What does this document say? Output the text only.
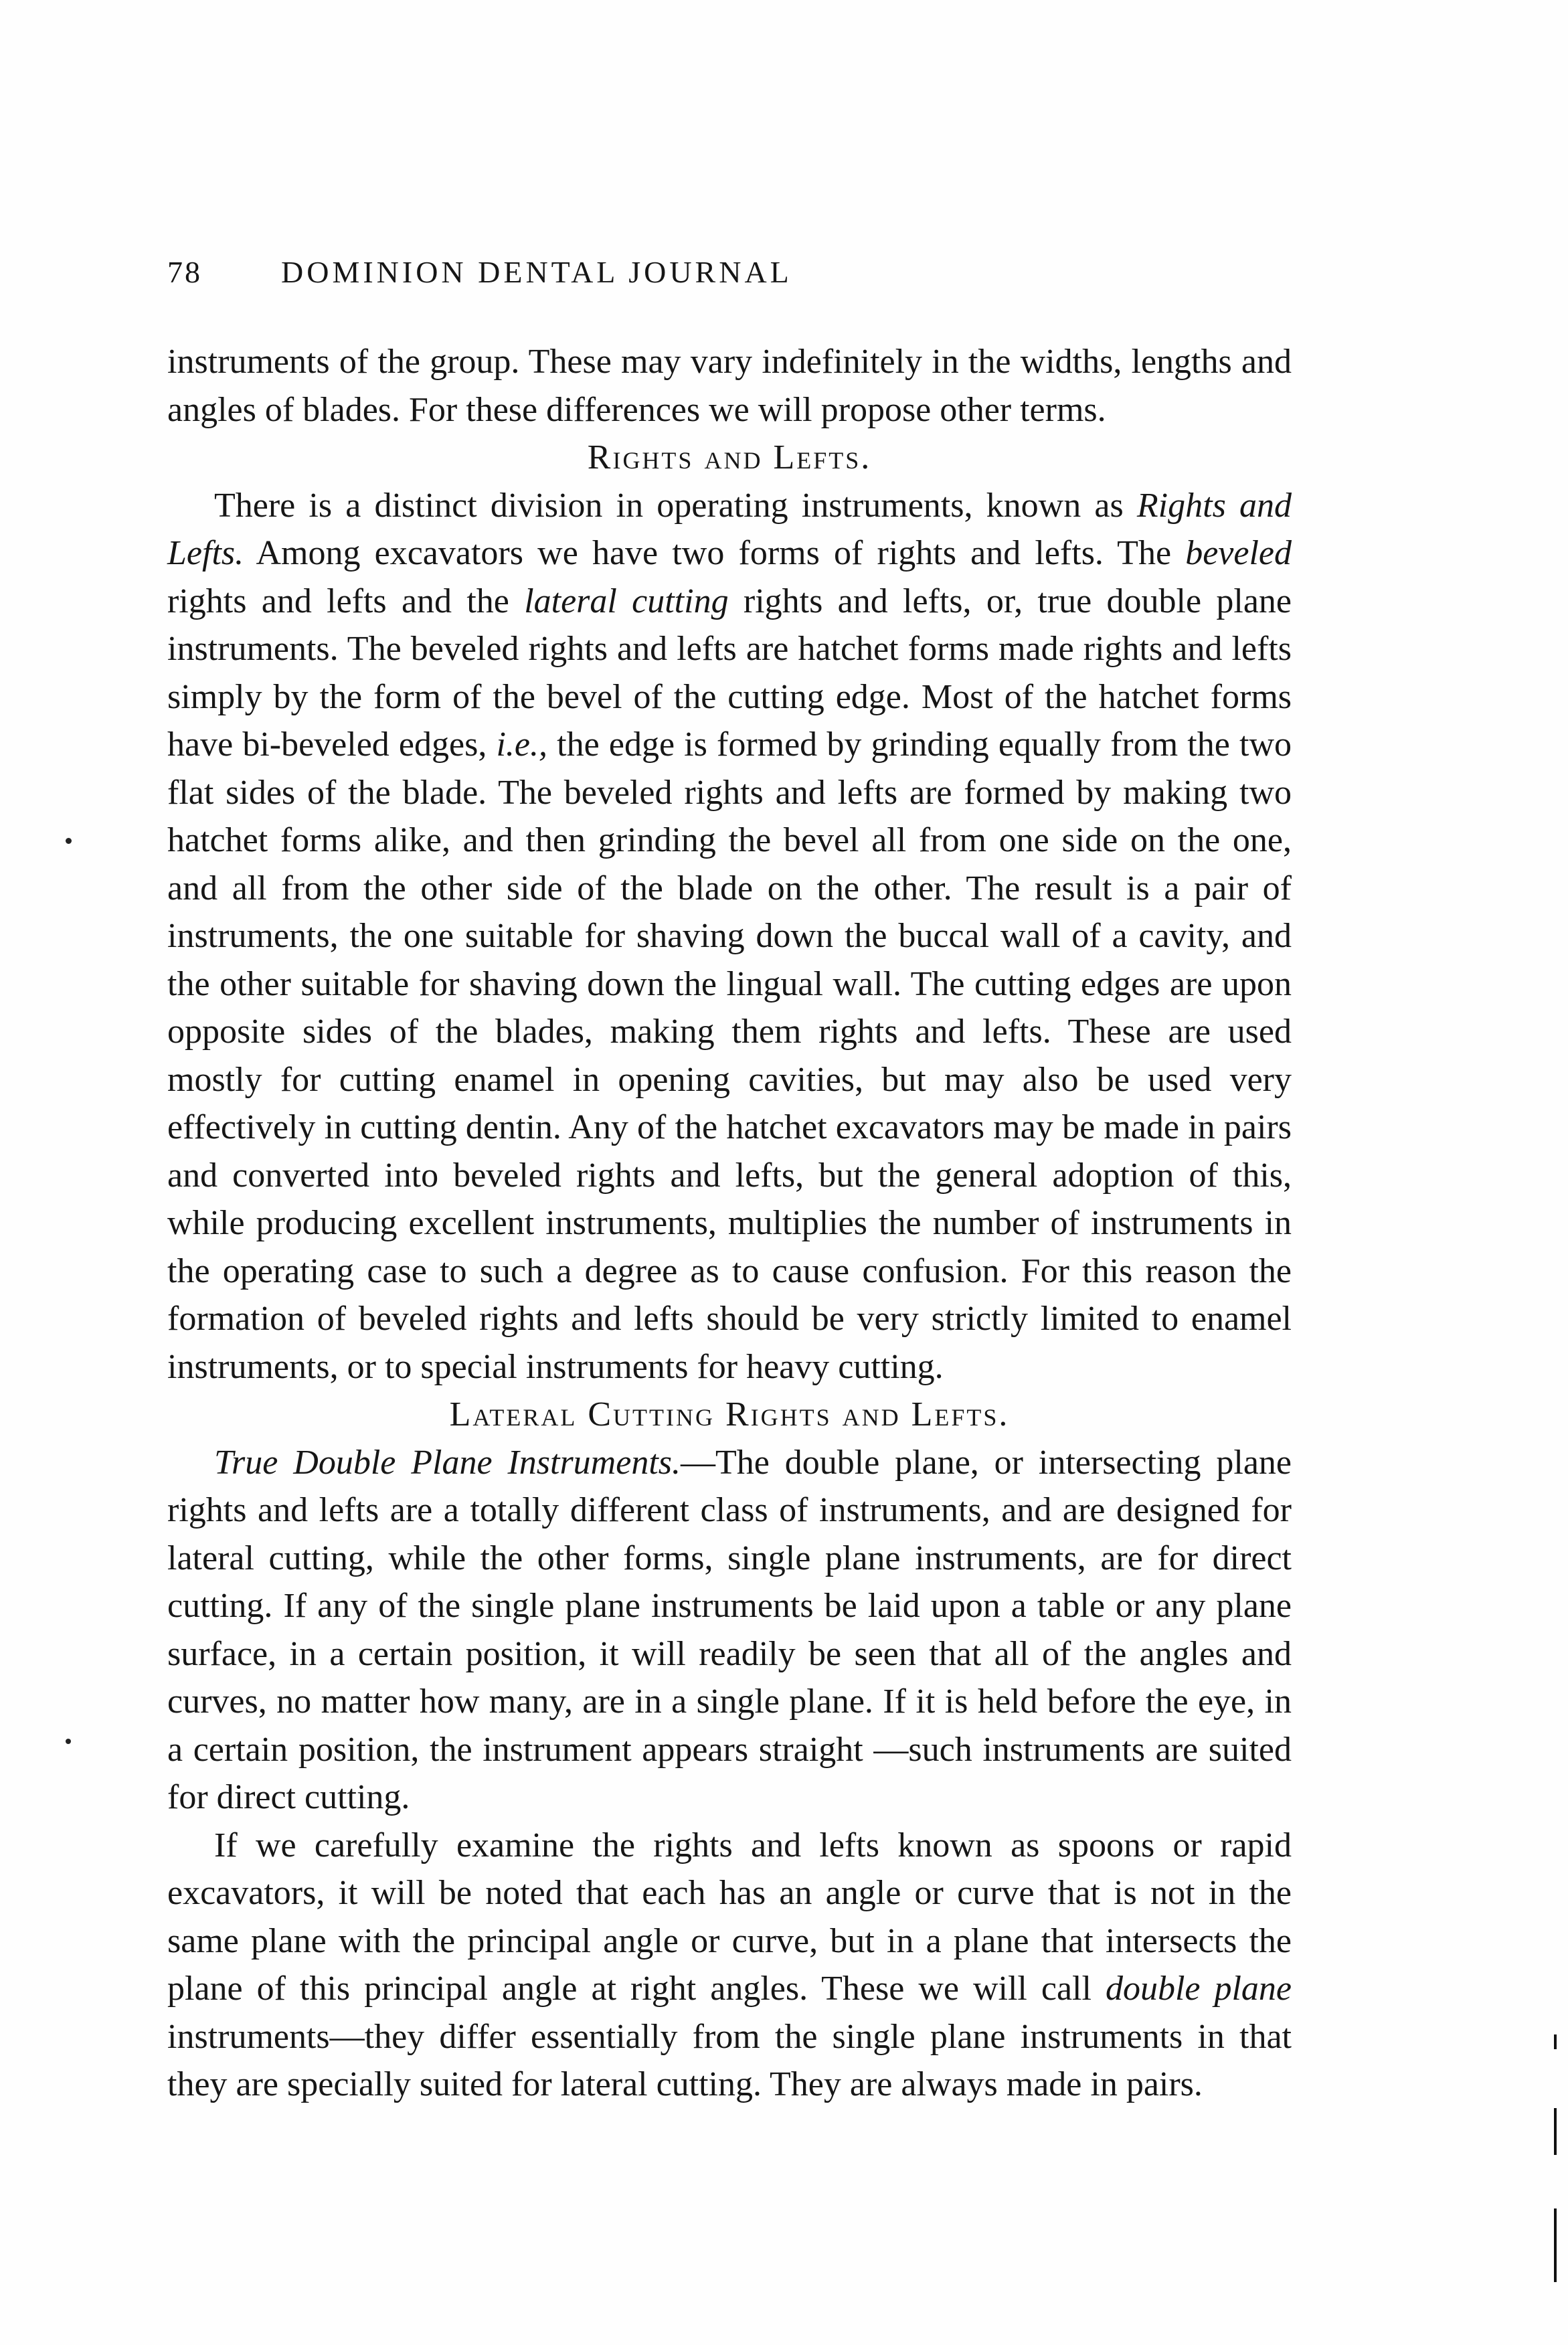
78	DOMINION DENTAL JOURNAL

instruments of the group. These may vary indefinitely in the widths, lengths and angles of blades. For these differences we will propose other terms.

Rights and Lefts.

There is a distinct division in operating instruments, known as Rights and Lefts. Among excavators we have two forms of rights and lefts. The beveled rights and lefts and the lateral cutting rights and lefts, or, true double plane instruments. The beveled rights and lefts are hatchet forms made rights and lefts simply by the form of the bevel of the cutting edge. Most of the hatchet forms have bi-beveled edges, i.e., the edge is formed by grinding equally from the two flat sides of the blade. The beveled rights and lefts are formed by making two hatchet forms alike, and then grinding the bevel all from one side on the one, and all from the other side of the blade on the other. The result is a pair of instruments, the one suitable for shaving down the buccal wall of a cavity, and the other suitable for shaving down the lingual wall. The cutting edges are upon opposite sides of the blades, making them rights and lefts. These are used mostly for cutting enamel in opening cavities, but may also be used very effectively in cutting dentin. Any of the hatchet excavators may be made in pairs and converted into beveled rights and lefts, but the general adoption of this, while producing excellent instruments, multiplies the number of instruments in the operating case to such a degree as to cause confusion. For this reason the formation of beveled rights and lefts should be very strictly limited to enamel instruments, or to special instruments for heavy cutting.

Lateral Cutting Rights and Lefts.

True Double Plane Instruments.—The double plane, or intersecting plane rights and lefts are a totally different class of instruments, and are designed for lateral cutting, while the other forms, single plane instruments, are for direct cutting. If any of the single plane instruments be laid upon a table or any plane surface, in a certain position, it will readily be seen that all of the angles and curves, no matter how many, are in a single plane. If it is held before the eye, in a certain position, the instrument appears straight —such instruments are suited for direct cutting.

If we carefully examine the rights and lefts known as spoons or rapid excavators, it will be noted that each has an angle or curve that is not in the same plane with the principal angle or curve, but in a plane that intersects the plane of this principal angle at right angles. These we will call double plane instruments—they differ essentially from the single plane instruments in that they are specially suited for lateral cutting. They are always made in pairs.
